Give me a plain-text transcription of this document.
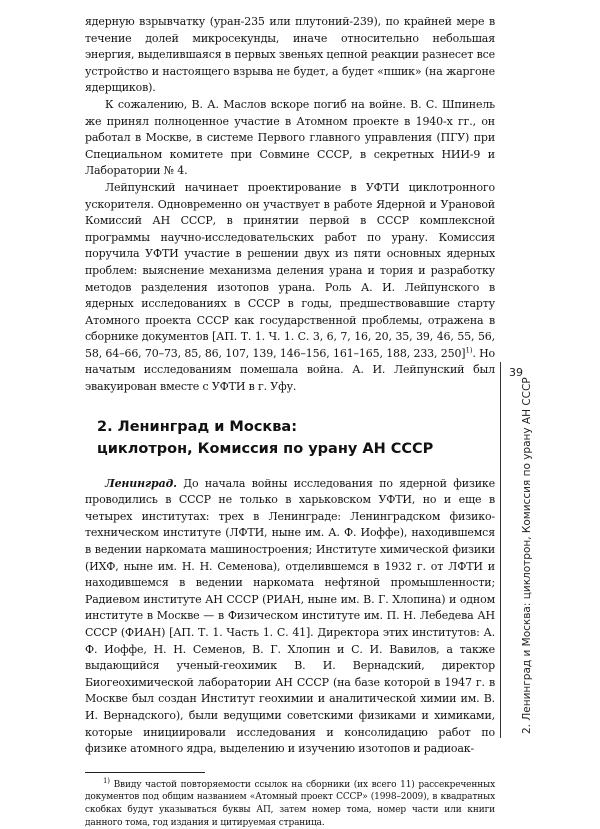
ядерную взрывчатку (уран-235 или плутоний-239), по крайней мере в течение долей микросекунды, иначе относительно небольшая энергия, выделившаяся в первых звеньях цепной реакции разнесет все устройство и настоящего взрыва не будет, а будет «пшик» (на жаргоне ядерщиков).

К сожалению, В. А. Маслов вскоре погиб на войне. В. С. Шпинель же принял полноценное участие в Атомном проекте в 1940-х гг., он работал в Москве, в системе Первого главного управления (ПГУ) при Специальном комитете при Совмине СССР, в секретных НИИ-9 и Лаборатории № 4.

Лейпунский начинает проектирование в УФТИ циклотронного ускорителя. Одновременно он участвует в работе Ядерной и Урановой Комиссий АН СССР, в принятии первой в СССР комплексной программы научно-исследовательских работ по урану. Комиссия поручила УФТИ участие в решении двух из пяти основных ядерных проблем: выяснение механизма деления урана и тория и разработку методов разделения изотопов урана. Роль А. И. Лейпунского в ядерных исследованиях в СССР в годы, предшествовавшие старту Атомного проекта СССР как государственной проблемы, отражена в сборнике документов [АП. Т. 1. Ч. 1. С. 3, 6, 7, 16, 20, 35, 39, 46, 55, 56, 58, 64–66, 70–73, 85, 86, 107, 139, 146–156, 161–165, 188, 233, 250]$^{1)}$. Но начатым исследованиям помешала война. А. И. Лейпунский был эвакуирован вместе с УФТИ в г. Уфу.

2. Ленинград и Москва:
циклотрон, Комиссия по урану АН СССР

Ленинград. До начала войны исследования по ядерной физике проводились в СССР не только в харьковском УФТИ, но и еще в четырех институтах: трех в Ленинграде: Ленинградском физико-техническом институте (ЛФТИ, ныне им. А. Ф. Иоффе), находившемся в ведении наркомата машиностроения; Институте химической физики (ИХФ, ныне им. Н. Н. Семенова), отделившемся в 1932 г. от ЛФТИ и находившемся в ведении наркомата нефтяной промышленности; Радиевом институте АН СССР (РИАН, ныне им. В. Г. Хлопина) и одном институте в Москве — в Физическом институте им. П. Н. Лебедева АН СССР (ФИАН) [АП. Т. 1. Часть 1. С. 41]. Директора этих институтов: А. Ф. Иоффе, Н. Н. Семенов, В. Г. Хлопин и С. И. Вавилов, а также выдающийся ученый-геохимик В. И. Вернадский, директор Биогеохимической лаборатории АН СССР (на базе которой в 1947 г. в Москве был создан Институт геохимии и аналитической химии им. В. И. Вернадского), были ведущими советскими физиками и химиками, которые инициировали исследования и консолидацию работ по физике атомного ядра, выделению и изучению изотопов и радиоак-

$^{1)}$ Ввиду частой повторяемости ссылок на сборники (их всего 11) рассекреченных документов под общим названием «Атомный проект СССР» (1998–2009), в квадратных скобках будут указываться буквы АП, затем номер тома, номер части или книги данного тома, год издания и цитируемая страница.

39
2. Ленинград и Москва: циклотрон, Комиссия по урану АН СССР
